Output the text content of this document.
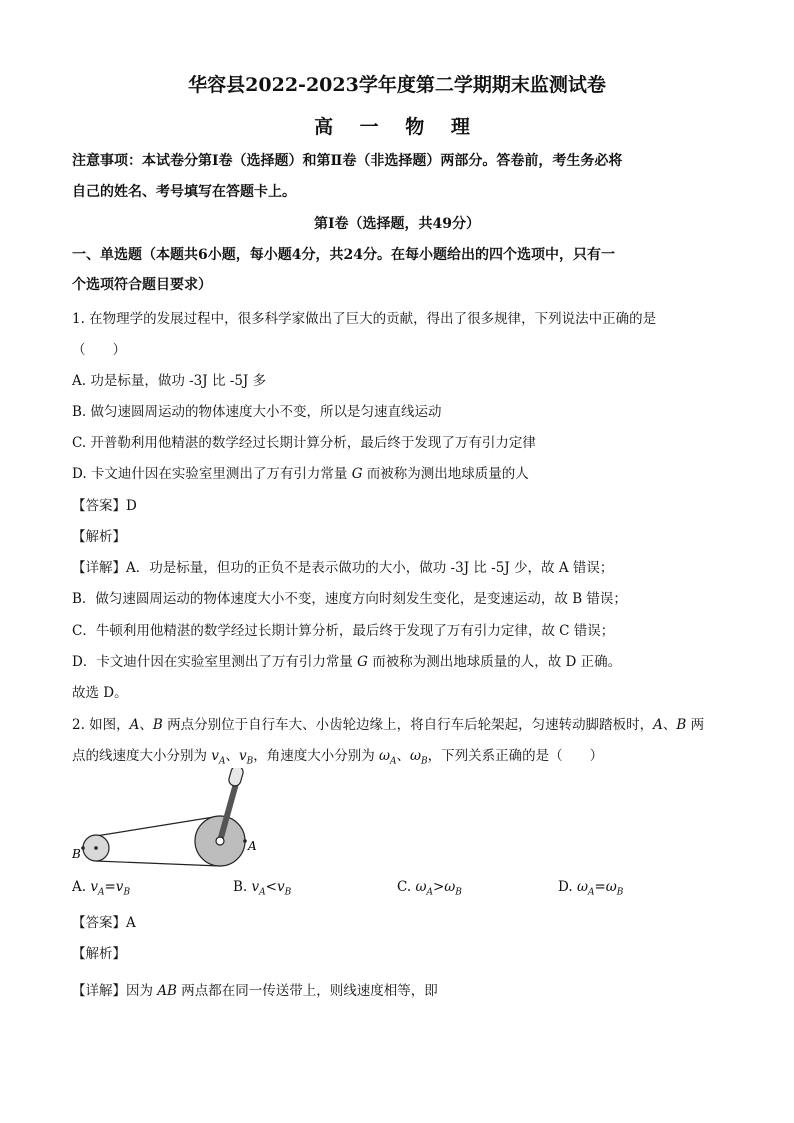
华容县2022-2023学年度第二学期期末监测试卷
高 一 物 理
注意事项：本试卷分第Ⅰ卷（选择题）和第Ⅱ卷（非选择题）两部分。答卷前，考生务必将
自己的姓名、考号填写在答题卡上。
第Ⅰ卷（选择题，共49分）
一、单选题（本题共6小题，每小题4分，共24分。在每小题给出的四个选项中，只有一
个选项符合题目要求）
1. 在物理学的发展过程中，很多科学家做出了巨大的贡献，得出了很多规律，下列说法中正确的是
（　　）
A. 功是标量，做功 -3J 比 -5J 多
B. 做匀速圆周运动的物体速度大小不变，所以是匀速直线运动
C. 开普勒利用他精湛的数学经过长期计算分析，最后终于发现了万有引力定律
D. 卡文迪什因在实验室里测出了万有引力常量 G 而被称为测出地球质量的人
【答案】D
【解析】
【详解】A．功是标量，但功的正负不是表示做功的大小，做功 -3J 比 -5J 少，故 A 错误；
B．做匀速圆周运动的物体速度大小不变，速度方向时刻发生变化，是变速运动，故 B 错误；
C．牛顿利用他精湛的数学经过长期计算分析，最后终于发现了万有引力定律，故 C 错误；
D．卡文迪什因在实验室里测出了万有引力常量 G 而被称为测出地球质量的人，故 D 正确。
故选 D。
2. 如图，A、B 两点分别位于自行车大、小齿轮边缘上，将自行车后轮架起，匀速转动脚踏板时，A、B 两
点的线速度大小分别为 $v_A$、$v_B$，角速度大小分别为 $\omega_A$、$\omega_B$，下列关系正确的是（　　）
B
A
A. $v_A=v_B$	B. $v_A<v_B$	C. $\omega_A>\omega_B$	D. $\omega_A=\omega_B$
【答案】A
【解析】
【详解】因为 AB 两点都在同一传送带上，则线速度相等，即
